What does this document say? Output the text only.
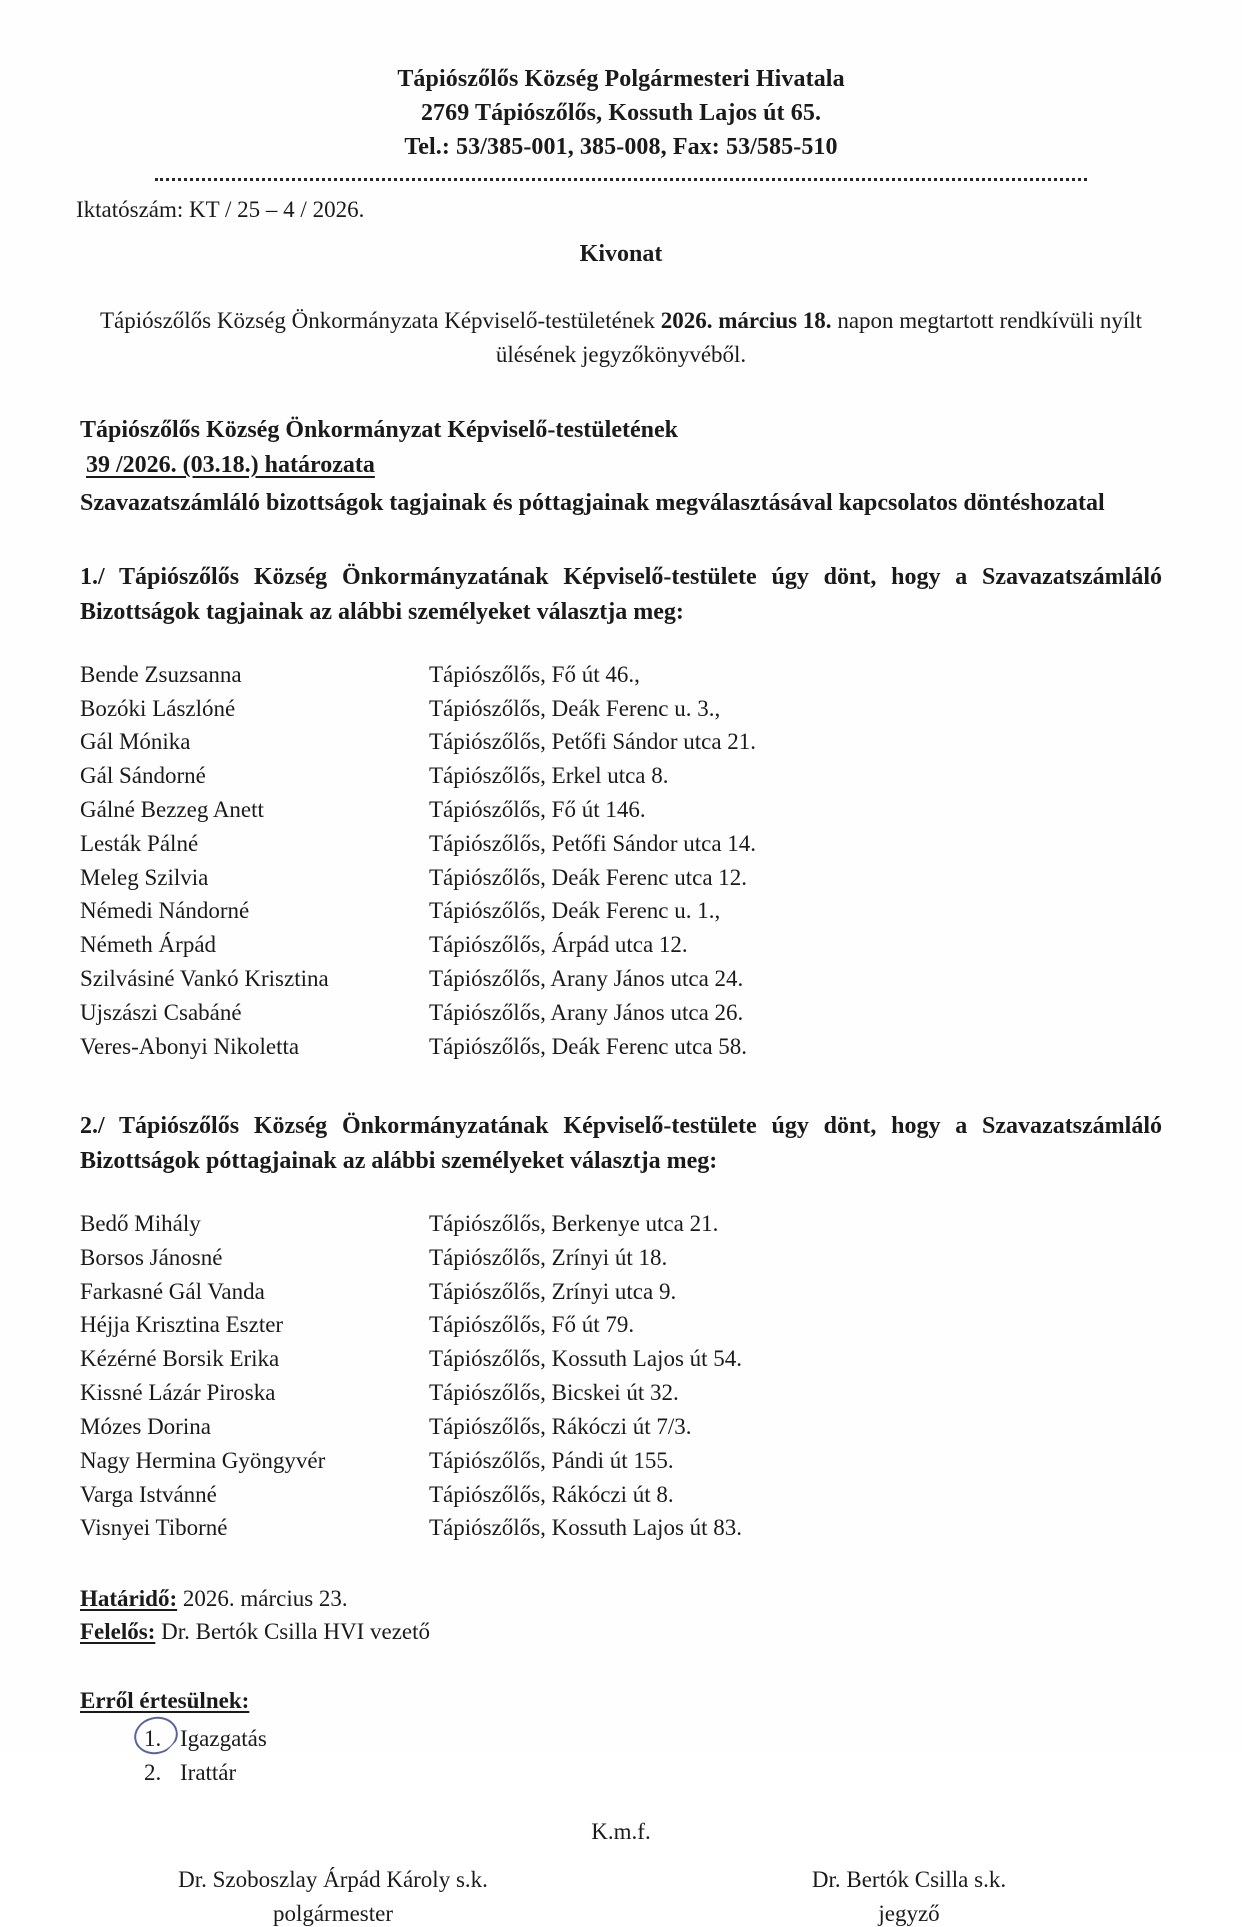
Tápiószőlős Község Polgármesteri Hivatala
2769 Tápiószőlős, Kossuth Lajos út 65.
Tel.: 53/385-001, 385-008, Fax: 53/585-510
Iktatószám: KT / 25 – 4 / 2026.
Kivonat
Tápiószőlős Község Önkormányzata Képviselő-testületének 2026. március 18. napon megtartott rendkívüli nyílt ülésének jegyzőkönyvéből.
Tápiószőlős Község Önkormányzat Képviselő-testületének
39 /2026. (03.18.) határozata
Szavazatszámláló bizottságok tagjainak és póttagjainak megválasztásával kapcsolatos döntéshozatal
1./ Tápiószőlős Község Önkormányzatának Képviselő-testülete úgy dönt, hogy a Szavazatszámláló Bizottságok tagjainak az alábbi személyeket választja meg:
Bende Zsuzsanna	Tápiószőlős, Fő út 46.,
Bozóki Lászlóné	Tápiószőlős, Deák Ferenc u. 3.,
Gál Mónika	Tápiószőlős, Petőfi Sándor utca 21.
Gál Sándorné	Tápiószőlős, Erkel utca 8.
Gálné Bezzeg Anett	Tápiószőlős, Fő út 146.
Lesták Pálné	Tápiószőlős, Petőfi Sándor utca 14.
Meleg Szilvia	Tápiószőlős, Deák Ferenc utca 12.
Némedi Nándorné	Tápiószőlős, Deák Ferenc u. 1.,
Németh Árpád	Tápiószőlős, Árpád utca 12.
Szilvásiné Vankó Krisztina	Tápiószőlős, Arany János utca 24.
Ujszászi Csabáné	Tápiószőlős, Arany János utca 26.
Veres-Abonyi Nikoletta	Tápiószőlős, Deák Ferenc utca 58.
2./ Tápiószőlős Község Önkormányzatának Képviselő-testülete úgy dönt, hogy a Szavazatszámláló Bizottságok póttagjainak az alábbi személyeket választja meg:
Bedő Mihály	Tápiószőlős, Berkenye utca 21.
Borsos Jánosné	Tápiószőlős, Zrínyi út 18.
Farkasné Gál Vanda	Tápiószőlős, Zrínyi utca 9.
Héjja Krisztina Eszter	Tápiószőlős, Fő út 79.
Kézérné Borsik Erika	Tápiószőlős, Kossuth Lajos út 54.
Kissné Lázár Piroska	Tápiószőlős, Bicskei út 32.
Mózes Dorina	Tápiószőlős, Rákóczi út 7/3.
Nagy Hermina Gyöngyvér	Tápiószőlős, Pándi út 155.
Varga Istvánné	Tápiószőlős, Rákóczi út 8.
Visnyei Tiborné	Tápiószőlős, Kossuth Lajos út 83.
Határidő: 2026. március 23.
Felelős: Dr. Bertók Csilla HVI vezető
Erről értesülnek:
1. Igazgatás
2. Irattár
K.m.f.
Dr. Szoboszlay Árpád Károly s.k.
polgármester
Dr. Bertók Csilla s.k.
jegyző
